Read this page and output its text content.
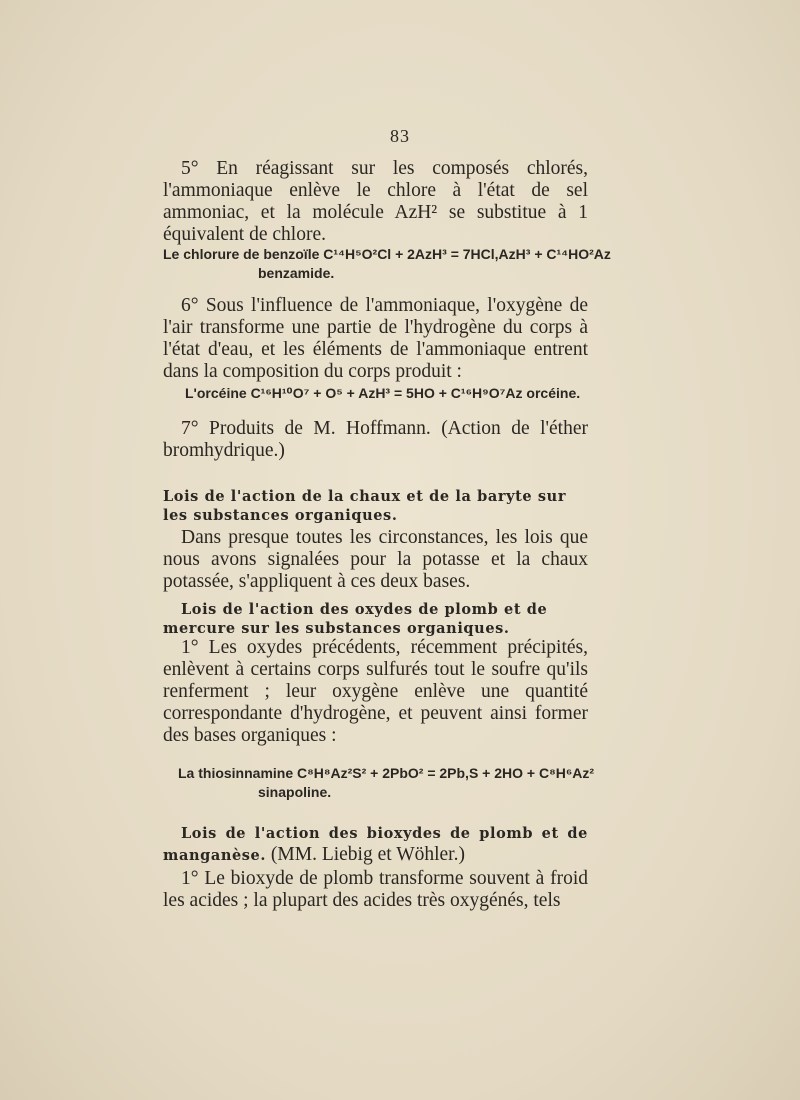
83
5° En réagissant sur les composés chlorés, l'ammoniaque enlève le chlore à l'état de sel ammoniac, et la molécule AzH² se substitue à 1 équivalent de chlore.
Le chlorure de benzoïle C¹⁴H⁵O²Cl + 2AzH³ = 7HCl,AzH³ + C¹⁴HO²Az
benzamide.
6° Sous l'influence de l'ammoniaque, l'oxygène de l'air transforme une partie de l'hydrogène du corps à l'état d'eau, et les éléments de l'ammoniaque entrent dans la composition du corps produit :
L'orcéine C¹⁶H¹⁰O⁷ + O⁵ + AzH³ = 5HO + C¹⁶H⁹O⁷Az orcéine.
7° Produits de M. Hoffmann. (Action de l'éther bromhydrique.)
Lois de l'action de la chaux et de la baryte sur les substances organiques.
Dans presque toutes les circonstances, les lois que nous avons signalées pour la potasse et la chaux potassée, s'appliquent à ces deux bases.
Lois de l'action des oxydes de plomb et de mercure sur les substances organiques.
1° Les oxydes précédents, récemment précipités, enlèvent à certains corps sulfurés tout le soufre qu'ils renferment ; leur oxygène enlève une quantité correspondante d'hydrogène, et peuvent ainsi former des bases organiques :
La thiosinnamine C⁸H⁸Az²S² + 2PbO² = 2Pb,S + 2HO + C⁸H⁶Az²
sinapoline.
Lois de l'action des bioxydes de plomb et de manganèse. (MM. Liebig et Wöhler.)
1° Le bioxyde de plomb transforme souvent à froid les acides ; la plupart des acides très oxygénés, tels
